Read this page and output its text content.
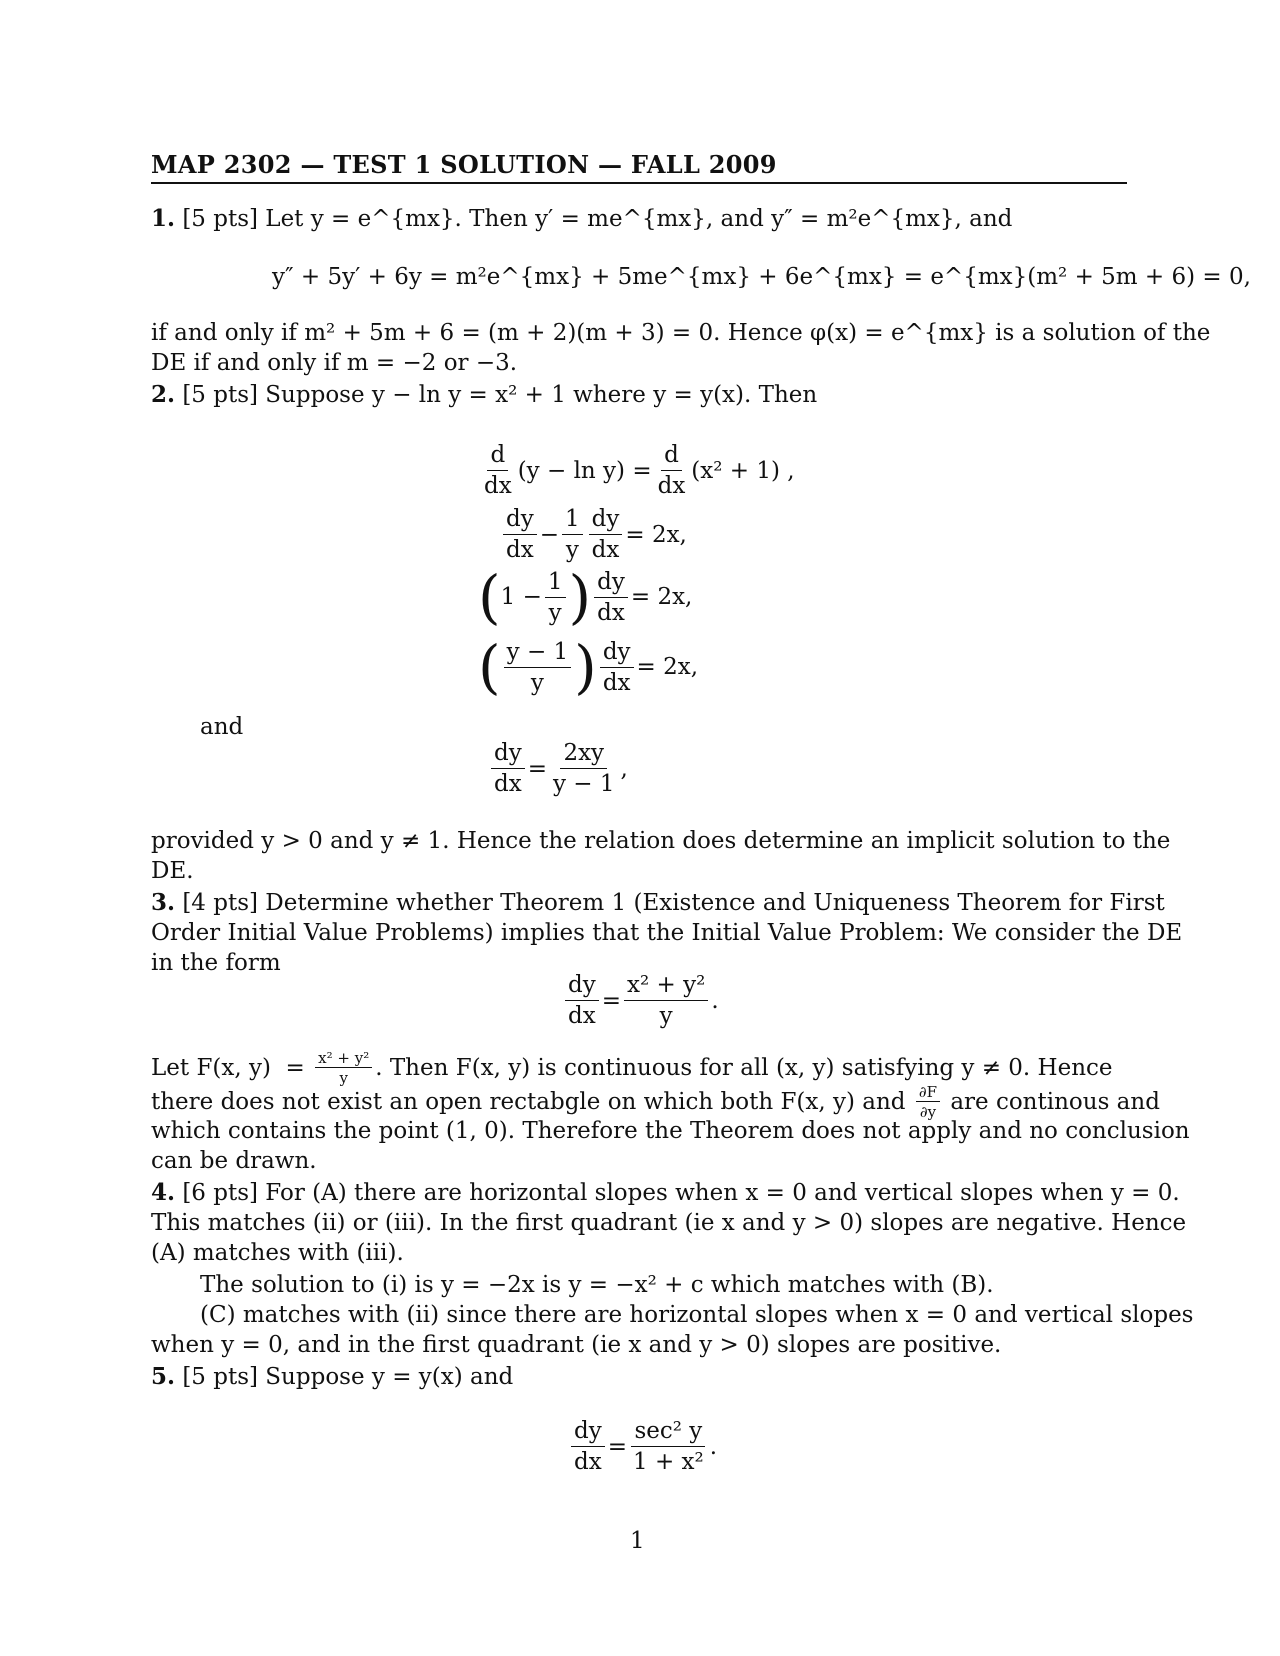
MAP 2302 — TEST 1 SOLUTION — FALL 2009
1. [5 pts] Let y = e^{mx}. Then y′ = me^{mx}, and y″ = m²e^{mx}, and
y″ + 5y′ + 6y = m²e^{mx} + 5me^{mx} + 6e^{mx} = e^{mx}(m² + 5m + 6) = 0,
if and only if m² + 5m + 6 = (m + 2)(m + 3) = 0. Hence φ(x) = e^{mx} is a solution of the
DE if and only if m = −2 or −3.
2. [5 pts] Suppose y − ln y = x² + 1 where y = y(x). Then
$\frac{d}{dx} (y - \ln y) = \frac{d}{dx} (x^2 + 1)$ ,
$\frac{dy}{dx} - \frac{1}{y} \frac{dy}{dx} = 2x$,
( $1 - \frac{1}{y}$ ) $\frac{dy}{dx} = 2x$,
( $\frac{y - 1}{y}$ ) $\frac{dy}{dx} = 2x$,
and
$\frac{dy}{dx} = \frac{2xy}{y - 1}$ ,
provided y > 0 and y ≠ 1. Hence the relation does determine an implicit solution to the
DE.
3. [4 pts] Determine whether Theorem 1 (Existence and Uniqueness Theorem for First
Order Initial Value Problems) implies that the Initial Value Problem: We consider the DE
in the form
$\frac{dy}{dx} = \frac{\text{x² + y²}}{y}$ .
Let F(x, $y) = \frac{\text{x² + y²}}{y}$ . Then F(x, y) is continuous for all (x, y) satisfying y ≠ 0. Hence
there does not exist an open rectabgle on which both F(x, y) and $\frac{\partial F}{\partial y}$ are continous and
which contains the point (1, 0). Therefore the Theorem does not apply and no conclusion
can be drawn.
4. [6 pts] For (A) there are horizontal slopes when x = 0 and vertical slopes when y = 0.
This matches (ii) or (iii). In the first quadrant (ie x and y > 0) slopes are negative. Hence
(A) matches with (iii).
The solution to (i) is y = −2x is y = −x² + c which matches with (B).
(C) matches with (ii) since there are horizontal slopes when x = 0 and vertical slopes
when y = 0, and in the first quadrant (ie x and y > 0) slopes are positive.
5. [5 pts] Suppose y = y(x) and
$\frac{dy}{dx} = \frac{\text{sec² y}}{\text{1 + x²}}$ .
1
